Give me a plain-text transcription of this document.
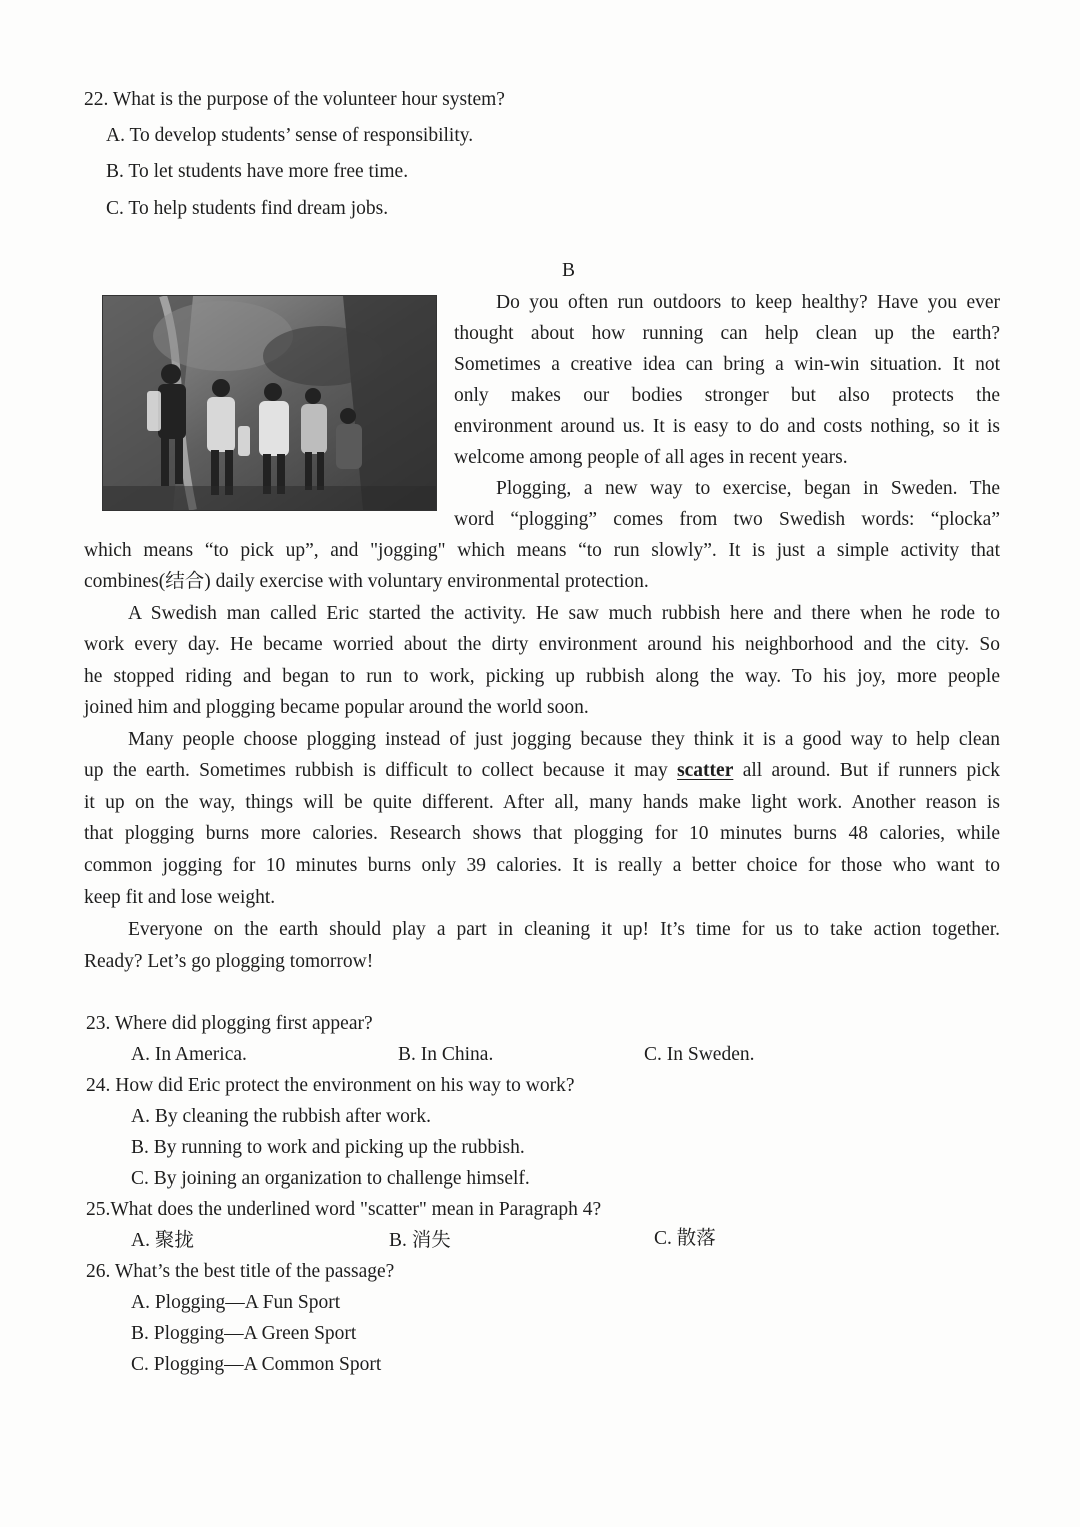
22. What is the purpose of the volunteer hour system?
A. To develop students’ sense of responsibility.
B. To let students have more free time.
C. To help students find dream jobs.
B
Do you often run outdoors to keep healthy? Have you ever
thought about how running can help clean up the earth?
Sometimes a creative idea can bring a win-win situation. It not
only makes our bodies stronger but also protects the
environment around us. It is easy to do and costs nothing, so it is
welcome among people of all ages in recent years.
Plogging, a new way to exercise, began in Sweden. The
word “plogging” comes from two Swedish words: “plocka”
which means “to pick up”, and "jogging" which means “to run slowly”. It is just a simple activity that
combines(结合) daily exercise with voluntary environmental protection.
A Swedish man called Eric started the activity. He saw much rubbish here and there when he rode to
work every day. He became worried about the dirty environment around his neighborhood and the city. So
he stopped riding and began to run to work, picking up rubbish along the way. To his joy, more people
joined him and plogging became popular around the world soon.
Many people choose plogging instead of just jogging because they think it is a good way to help clean
up the earth. Sometimes rubbish is difficult to collect because it may scatter all around. But if runners pick
it up on the way, things will be quite different. After all, many hands make light work. Another reason is
that plogging burns more calories. Research shows that plogging for 10 minutes burns 48 calories, while
common jogging for 10 minutes burns only 39 calories. It is really a better choice for those who want to
keep fit and lose weight.
Everyone on the earth should play a part in cleaning it up! It’s time for us to take action together.
Ready? Let’s go plogging tomorrow!
23. Where did plogging first appear?
A. In America.	B. In China.	C. In Sweden.
24. How did Eric protect the environment on his way to work?
A. By cleaning the rubbish after work.
B. By running to work and picking up the rubbish.
C. By joining an organization to challenge himself.
25.What does the underlined word "scatter" mean in Paragraph 4?
A. 聚拢	B. 消失	C. 散落
26. What’s the best title of the passage?
A. Plogging—A Fun Sport
B. Plogging—A Green Sport
C. Plogging—A Common Sport
